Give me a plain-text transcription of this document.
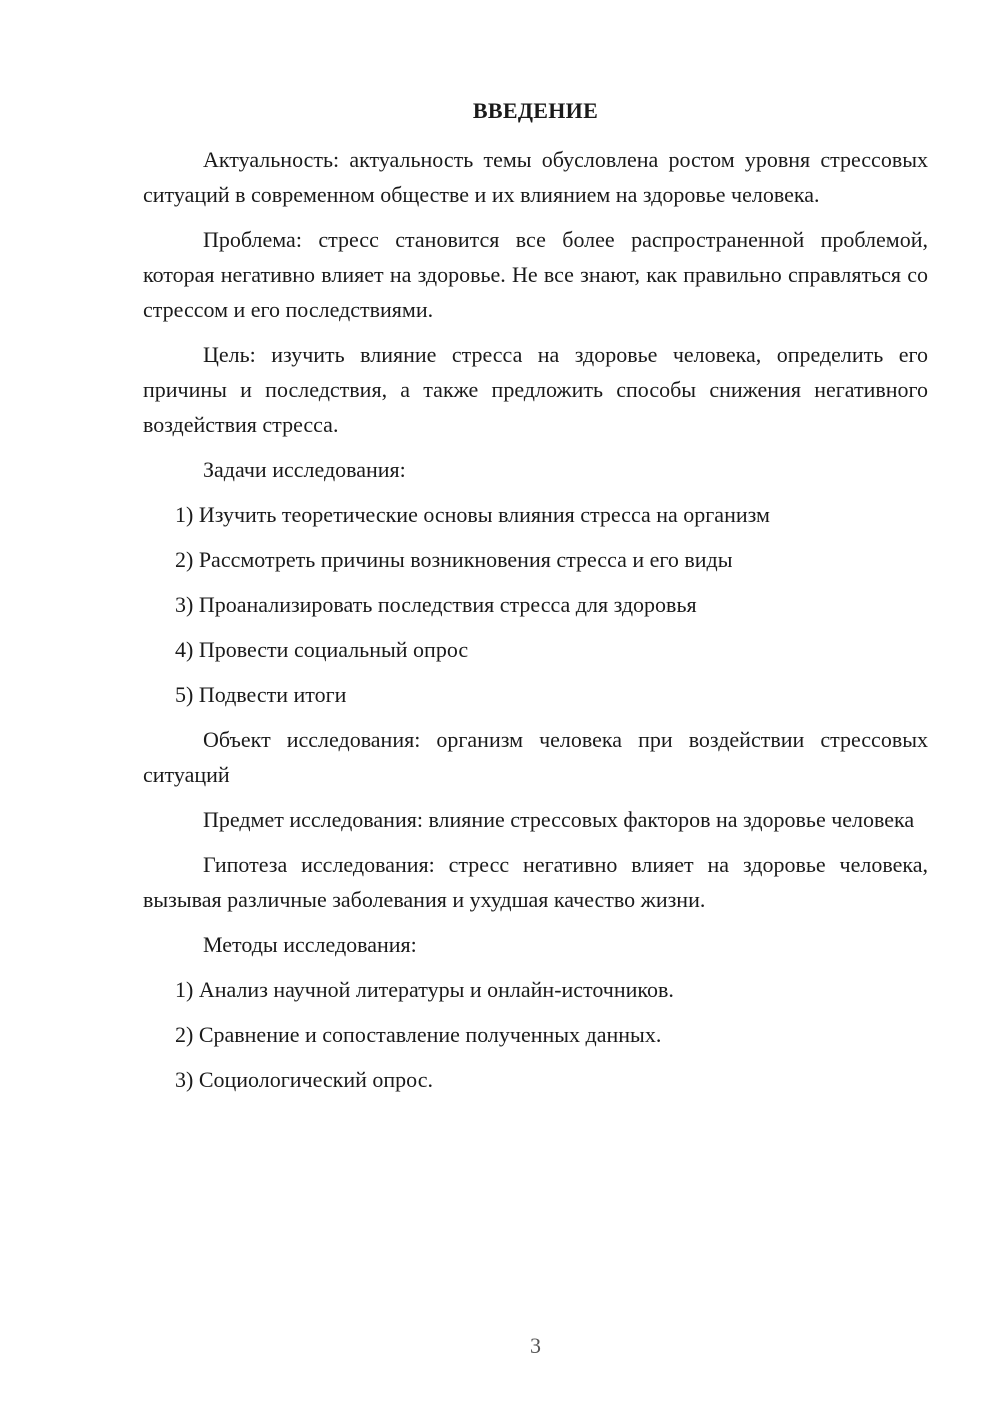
ВВЕДЕНИЕ

Актуальность: актуальность темы обусловлена ростом уровня стрессовых ситуаций в современном обществе и их влиянием на здоровье человека.

Проблема: стресс становится все более распространенной проблемой, которая негативно влияет на здоровье. Не все знают, как правильно справляться со стрессом и его последствиями.

Цель: изучить влияние стресса на здоровье человека, определить его причины и последствия, а также предложить способы снижения негативного воздействия стресса.

Задачи исследования:

1) Изучить теоретические основы влияния стресса на организм

2) Рассмотреть причины возникновения стресса и его виды

3) Проанализировать последствия стресса для здоровья

4) Провести социальный опрос

5) Подвести итоги

Объект исследования: организм человека при воздействии стрессовых ситуаций

Предмет исследования: влияние стрессовых факторов на здоровье человека

Гипотеза исследования: стресс негативно влияет на здоровье человека, вызывая различные заболевания и ухудшая качество жизни.

Методы исследования:

1) Анализ научной литературы и онлайн-источников.

2) Сравнение и сопоставление полученных данных.

3) Социологический опрос.

3
